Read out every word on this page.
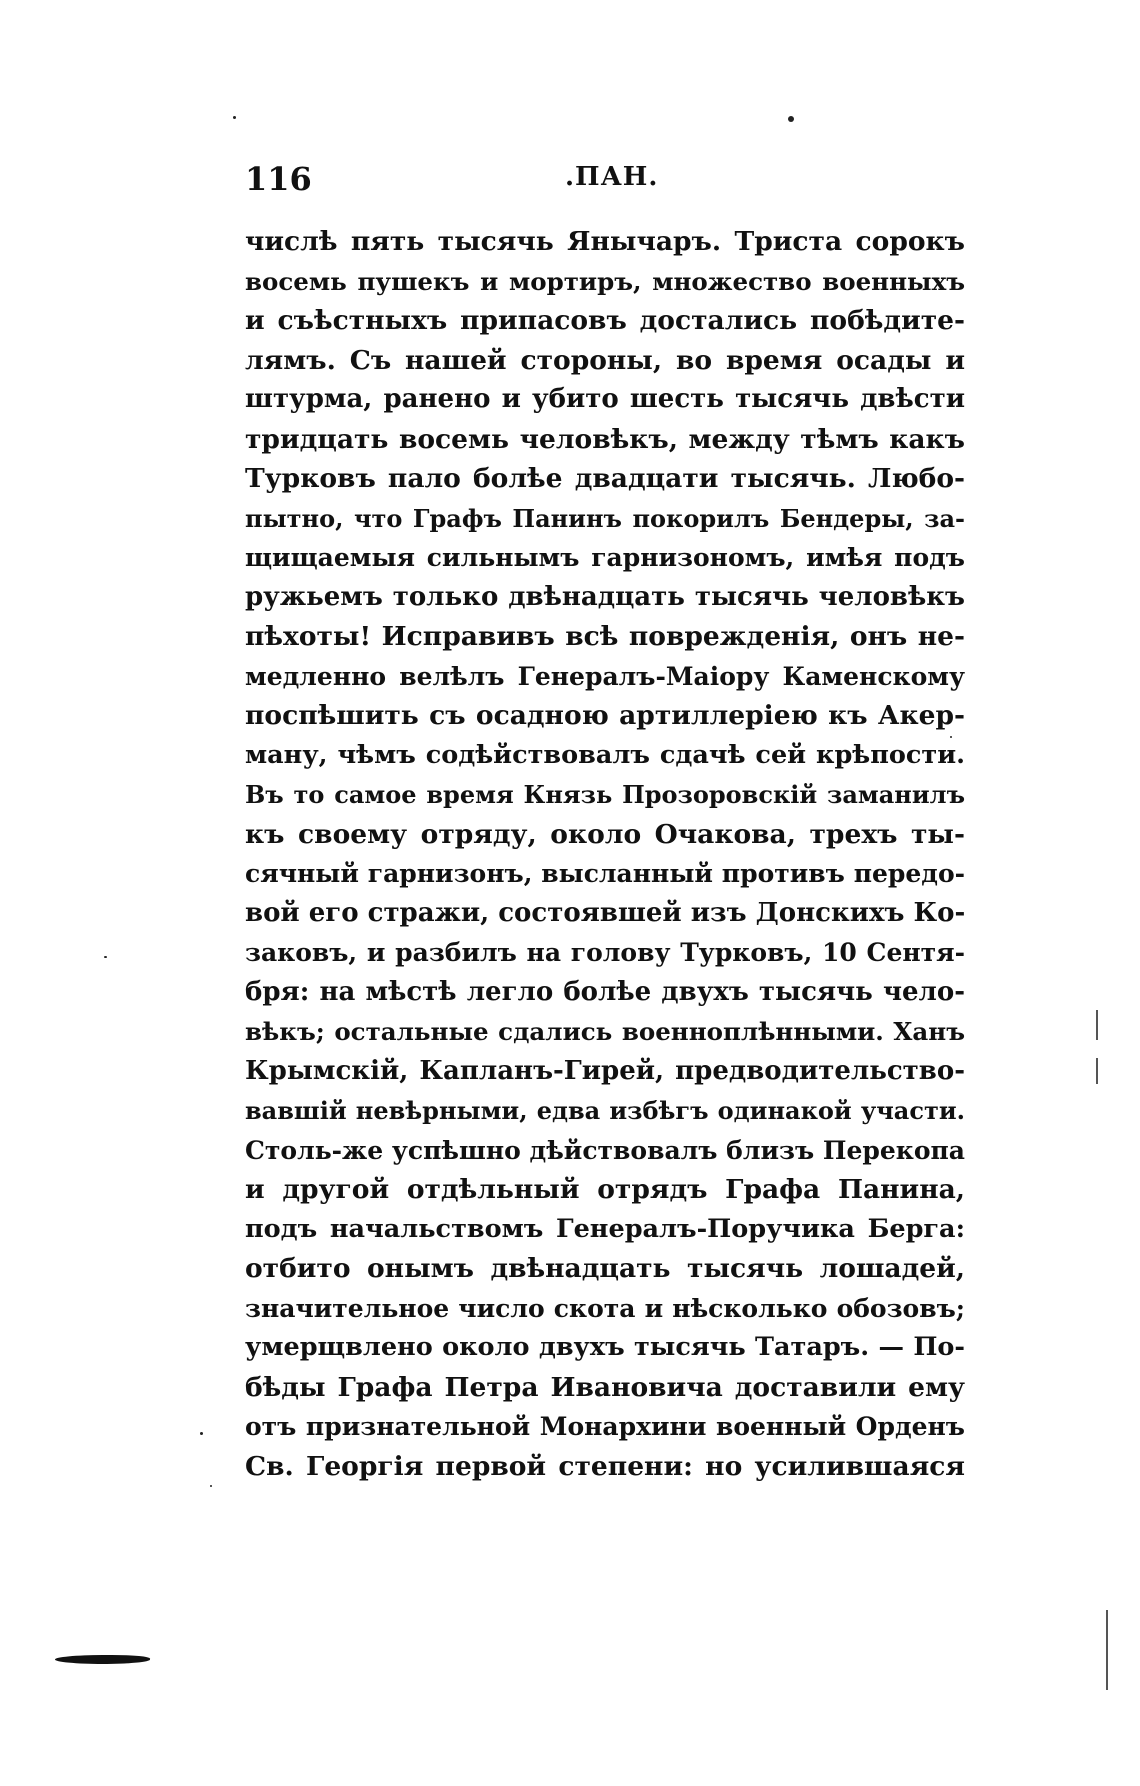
116	.ПАН.
числѣ пять тысячь Янычаръ. Триста сорокъ
восемь пушекъ и мортиръ, множество военныхъ
и съѣстныхъ припасовъ достались побѣдите-
лямъ. Съ нашей стороны, во время осады и
штурма, ранено и убито шесть тысячь двѣсти
тридцать восемь человѣкъ, между тѣмъ какъ
Турковъ пало болѣе двадцати тысячь. Любо-
пытно, что Графъ Панинъ покорилъ Бендеры, за-
щищаемыя сильнымъ гарнизономъ, имѣя подъ
ружьемъ только двѣнадцать тысячь человѣкъ
пѣхоты! Исправивъ всѣ поврежденія, онъ не-
медленно велѣлъ Генералъ-Маіору Каменскому
поспѣшить съ осадною артиллеріею къ Акер-
ману, чѣмъ содѣйствовалъ сдачѣ сей крѣпости.
Въ то самое время Князь Прозоровскій заманилъ
къ своему отряду, около Очакова, трехъ ты-
сячный гарнизонъ, высланный противъ передо-
вой его стражи, состоявшей изъ Донскихъ Ко-
заковъ, и разбилъ на голову Турковъ, 10 Сентя-
бря: на мѣстѣ легло болѣе двухъ тысячь чело-
вѣкъ; остальные сдались военноплѣнными. Ханъ
Крымскій, Капланъ-Гирей, предводительство-
вавшій невѣрными, едва избѣгъ одинакой участи.
Столь-же успѣшно дѣйствовалъ близъ Перекопа
и другой отдѣльный отрядъ Графа Панина,
подъ начальствомъ Генералъ-Поручика Берга:
отбито онымъ двѣнадцать тысячь лошадей,
значительное число скота и нѣсколько обозовъ;
умерщвлено около двухъ тысячь Татаръ. — По-
бѣды Графа Петра Ивановича доставили ему
отъ признательной Монархини военный Орденъ
Св. Георгія первой степени: но усилившаяся
